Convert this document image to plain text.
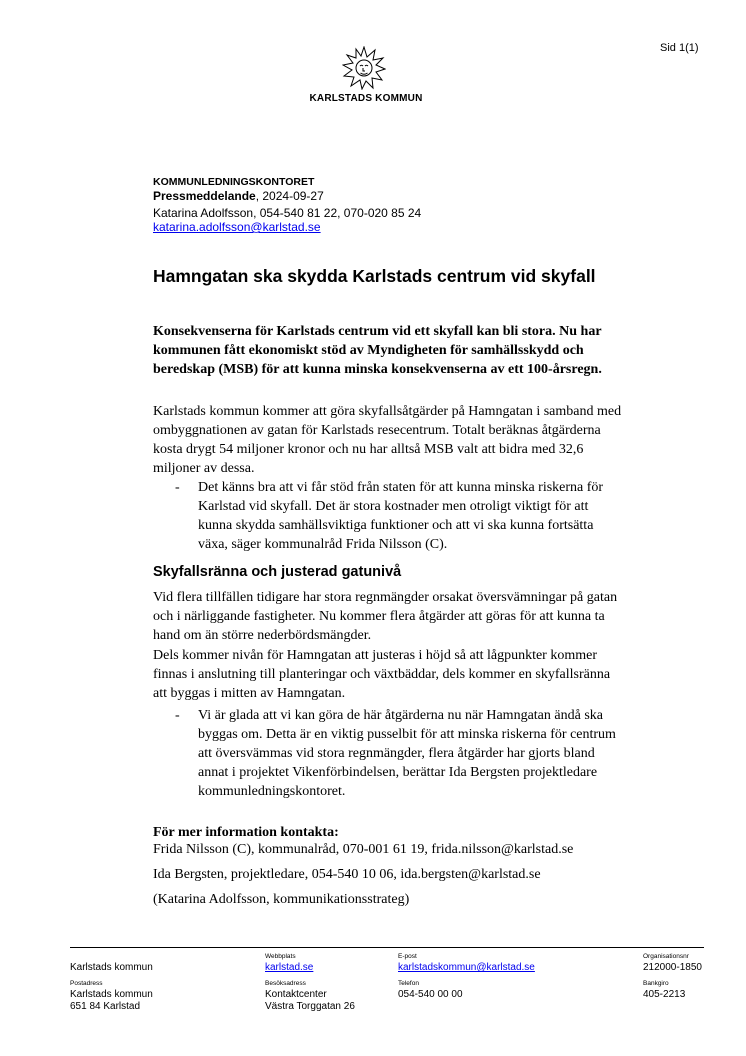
Sid 1(1)
KARLSTADS KOMMUN
KOMMUNLEDNINGSKONTORET
Pressmeddelande, 2024-09-27
Katarina Adolfsson, 054-540 81 22, 070-020 85 24
katarina.adolfsson@karlstad.se
Hamngatan ska skydda Karlstads centrum vid skyfall
Konsekvenserna för Karlstads centrum vid ett skyfall kan bli stora. Nu har kommunen fått ekonomiskt stöd av Myndigheten för samhällsskydd och beredskap (MSB) för att kunna minska konsekvenserna av ett 100-årsregn.
Karlstads kommun kommer att göra skyfallsåtgärder på Hamngatan i samband med ombyggnationen av gatan för Karlstads resecentrum. Totalt beräknas åtgärderna kosta drygt 54 miljoner kronor och nu har alltså MSB valt att bidra med 32,6 miljoner av dessa.
- Det känns bra att vi får stöd från staten för att kunna minska riskerna för Karlstad vid skyfall. Det är stora kostnader men otroligt viktigt för att kunna skydda samhällsviktiga funktioner och att vi ska kunna fortsätta växa, säger kommunalråd Frida Nilsson (C).
Skyfallsränna och justerad gatunivå
Vid flera tillfällen tidigare har stora regnmängder orsakat översvämningar på gatan och i närliggande fastigheter. Nu kommer flera åtgärder att göras för att kunna ta hand om än större nederbördsmängder.
Dels kommer nivån för Hamngatan att justeras i höjd så att lågpunkter kommer finnas i anslutning till planteringar och växtbäddar, dels kommer en skyfallsränna att byggas i mitten av Hamngatan.
- Vi är glada att vi kan göra de här åtgärderna nu när Hamngatan ändå ska byggas om. Detta är en viktig pusselbit för att minska riskerna för centrum att översvämmas vid stora regnmängder, flera åtgärder har gjorts bland annat i projektet Vikenförbindelsen, berättar Ida Bergsten projektledare kommunledningskontoret.
För mer information kontakta:
Frida Nilsson (C), kommunalråd, 070-001 61 19, frida.nilsson@karlstad.se
Ida Bergsten, projektledare, 054-540 10 06, ida.bergsten@karlstad.se
(Katarina Adolfsson, kommunikationsstrateg)
Karlstads kommun
Webbplats
karlstad.se
E-post
karlstadskommun@karlstad.se
Organisationsnr
212000-1850
Postadress
Karlstads kommun
651 84 Karlstad
Besöksadress
Kontaktcenter
Västra Torggatan 26
Telefon
054-540 00 00
Bankgiro
405-2213
